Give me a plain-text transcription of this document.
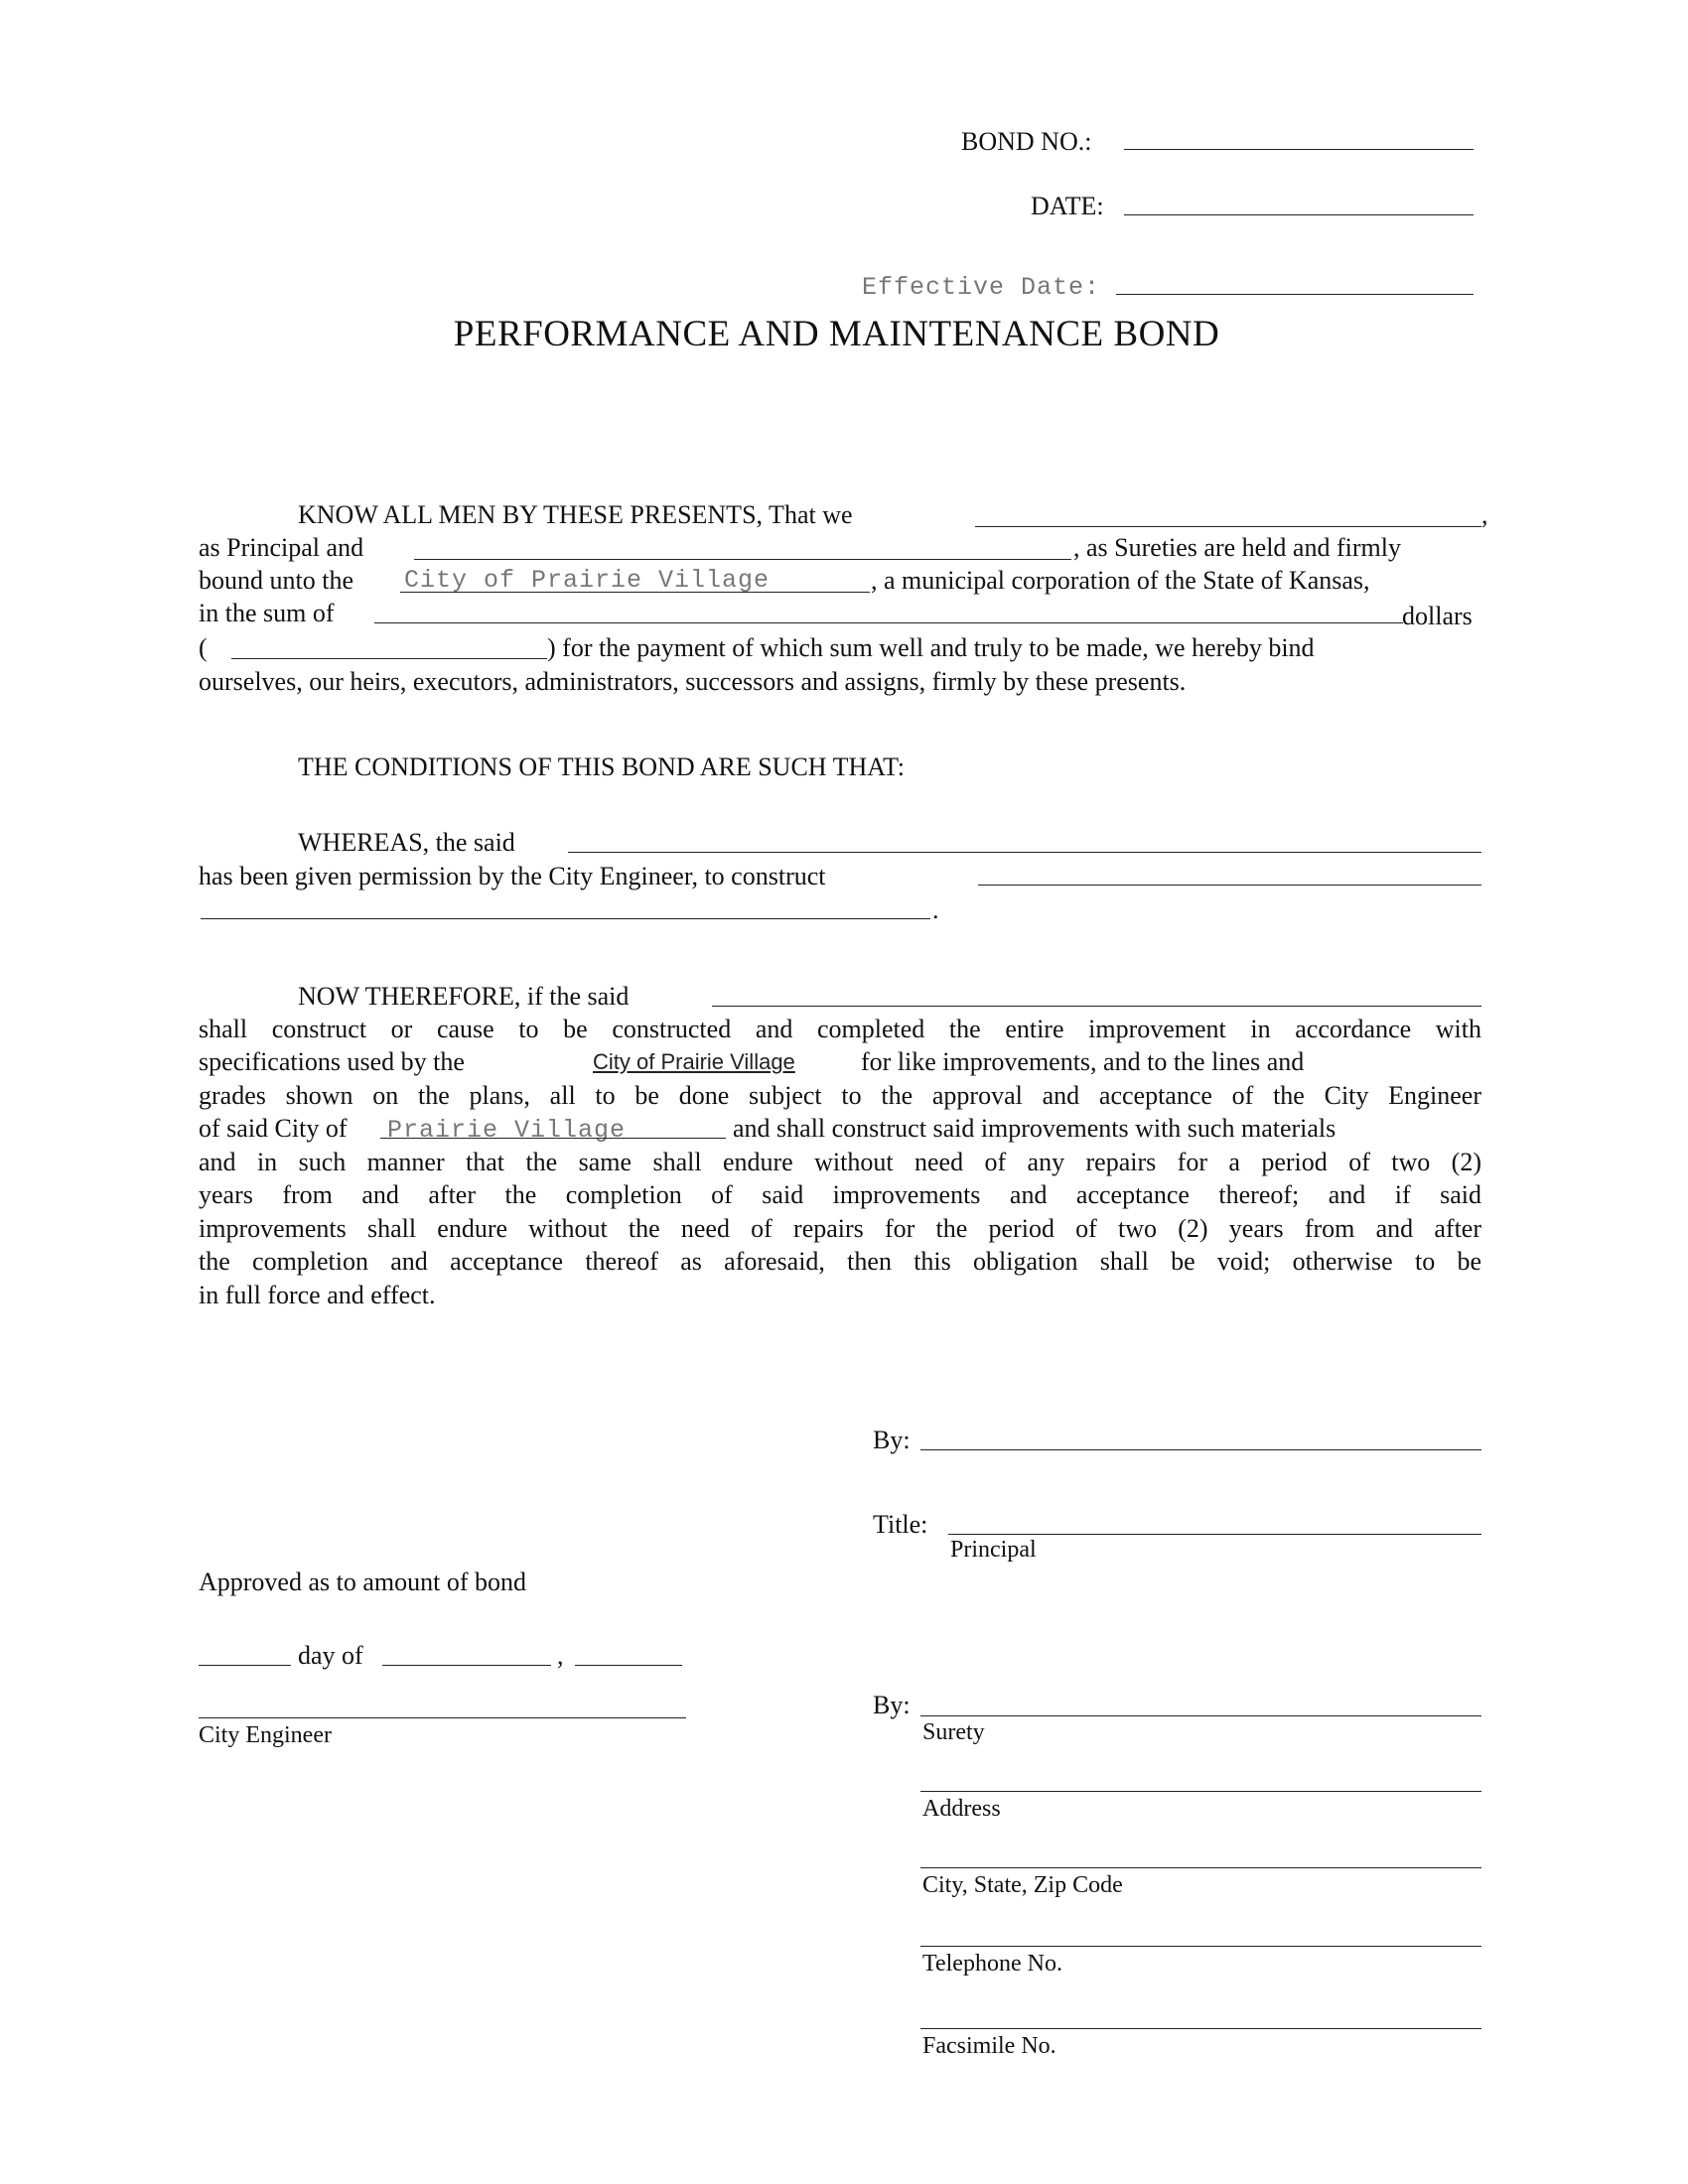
BOND NO.:
DATE:
Effective Date:
PERFORMANCE AND MAINTENANCE BOND
KNOW ALL MEN BY THESE PRESENTS, That we	,
as Principal and	, as Sureties are held and firmly
bound unto the City of Prairie Village	, a municipal corporation of the State of Kansas,
in the sum of	dollars
(	) for the payment of which sum well and truly to be made, we hereby bind
ourselves, our heirs, executors, administrators, successors and assigns, firmly by these presents.
THE CONDITIONS OF THIS BOND ARE SUCH THAT:
WHEREAS, the said
has been given permission by the City Engineer, to construct
.
NOW THEREFORE, if the said
shall construct or cause to be constructed and completed the entire improvement in accordance with
specifications used by the	City of Prairie Village	for like improvements, and to the lines and
grades shown on the plans, all to be done subject to the approval and acceptance of the City Engineer
of said City of Prairie Village	and shall construct said improvements with such materials
and in such manner that the same shall endure without need of any repairs for a period of two (2)
years from and after the completion of said improvements and acceptance thereof; and if said
improvements shall endure without the need of repairs for the period of two (2) years from and after
the completion and acceptance thereof as aforesaid, then this obligation shall be void; otherwise to be
in full force and effect.
By:
Title:
Principal
Approved as to amount of bond
day of	,
City Engineer
By:
Surety
Address
City, State, Zip Code
Telephone No.
Facsimile No.
